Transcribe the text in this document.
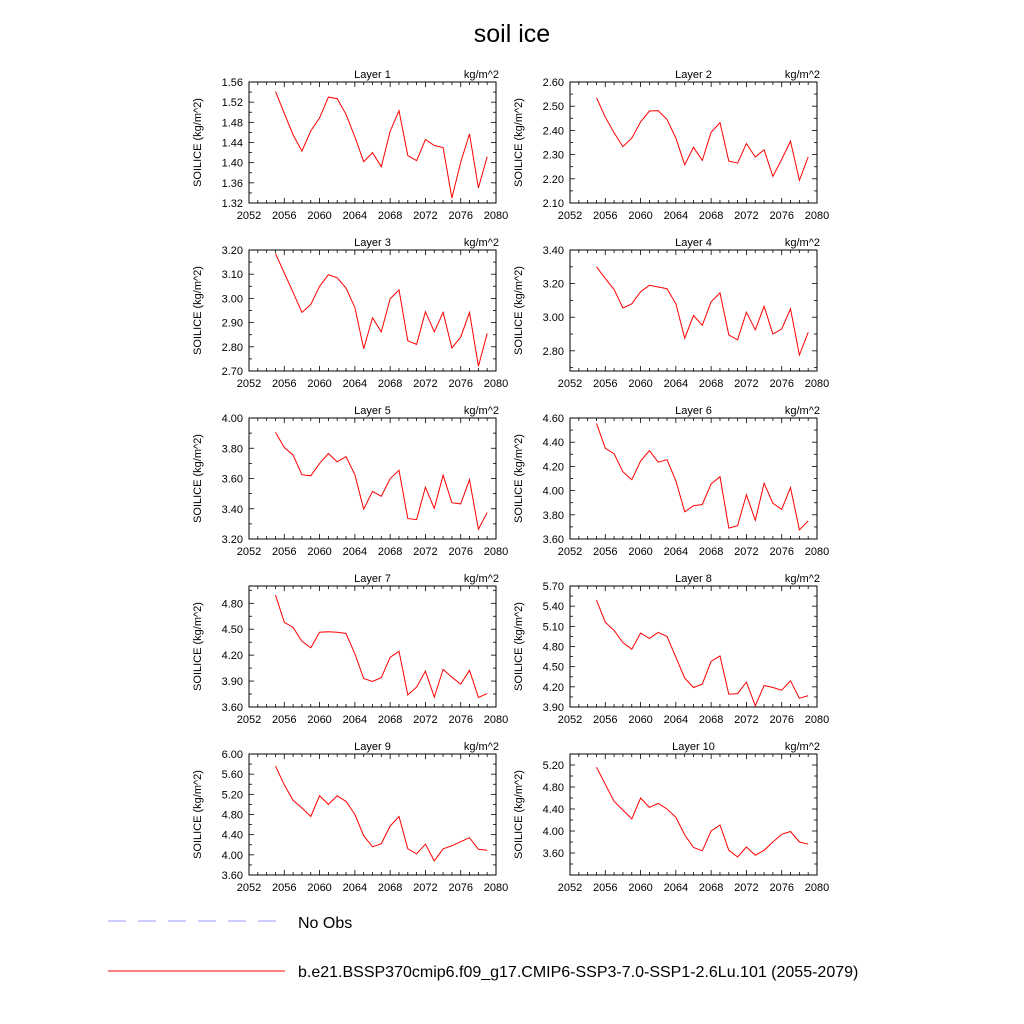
soil ice
2052 2056 2060 2064 2068 2072 2076 2080
1.32
1.36
1.40
1.44
1.48
1.52
1.56
SOILICE (kg/m^2)
Layer 1	kg/m^2
2052 2056 2060 2064 2068 2072 2076 2080
2.10
2.20
2.30
2.40
2.50
2.60
SOILICE (kg/m^2)
Layer 2	kg/m^2
2052 2056 2060 2064 2068 2072 2076 2080
2.70
2.80
2.90
3.00
3.10
3.20
SOILICE (kg/m^2)
Layer 3	kg/m^2
2052 2056 2060 2064 2068 2072 2076 2080
2.80
3.00
3.20
3.40
SOILICE (kg/m^2)
Layer 4	kg/m^2
2052 2056 2060 2064 2068 2072 2076 2080
3.20
3.40
3.60
3.80
4.00
SOILICE (kg/m^2)
Layer 5	kg/m^2
2052 2056 2060 2064 2068 2072 2076 2080
3.60
3.80
4.00
4.20
4.40
4.60
SOILICE (kg/m^2)
Layer 6	kg/m^2
2052 2056 2060 2064 2068 2072 2076 2080
3.60
3.90
4.20
4.50
4.80
SOILICE (kg/m^2)
Layer 7	kg/m^2
2052 2056 2060 2064 2068 2072 2076 2080
3.90
4.20
4.50
4.80
5.10
5.40
5.70
SOILICE (kg/m^2)
Layer 8	kg/m^2
2052 2056 2060 2064 2068 2072 2076 2080
3.60
4.00
4.40
4.80
5.20
5.60
6.00
SOILICE (kg/m^2)
Layer 9	kg/m^2
2052 2056 2060 2064 2068 2072 2076 2080
3.60
4.00
4.40
4.80
5.20
SOILICE (kg/m^2)
Layer 10	kg/m^2
No Obs
b.e21.BSSP370cmip6.f09_g17.CMIP6-SSP3-7.0-SSP1-2.6Lu.101 (2055-2079)
